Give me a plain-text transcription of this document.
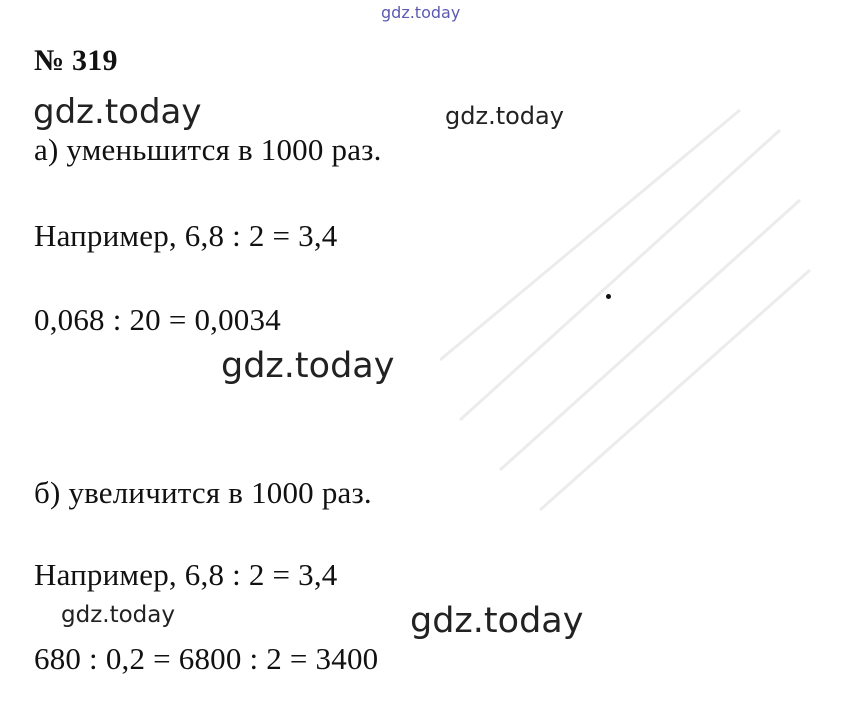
gdz.today
№ 319
gdz.today	gdz.today
а) уменьшится в 1000 раз.
Например, 6,8 : 2 = 3,4
0,068 : 20 = 0,0034
gdz.today
б) увеличится в 1000 раз.
Например, 6,8 : 2 = 3,4
gdz.today	gdz.today
680 : 0,2 = 6800 : 2 = 3400
